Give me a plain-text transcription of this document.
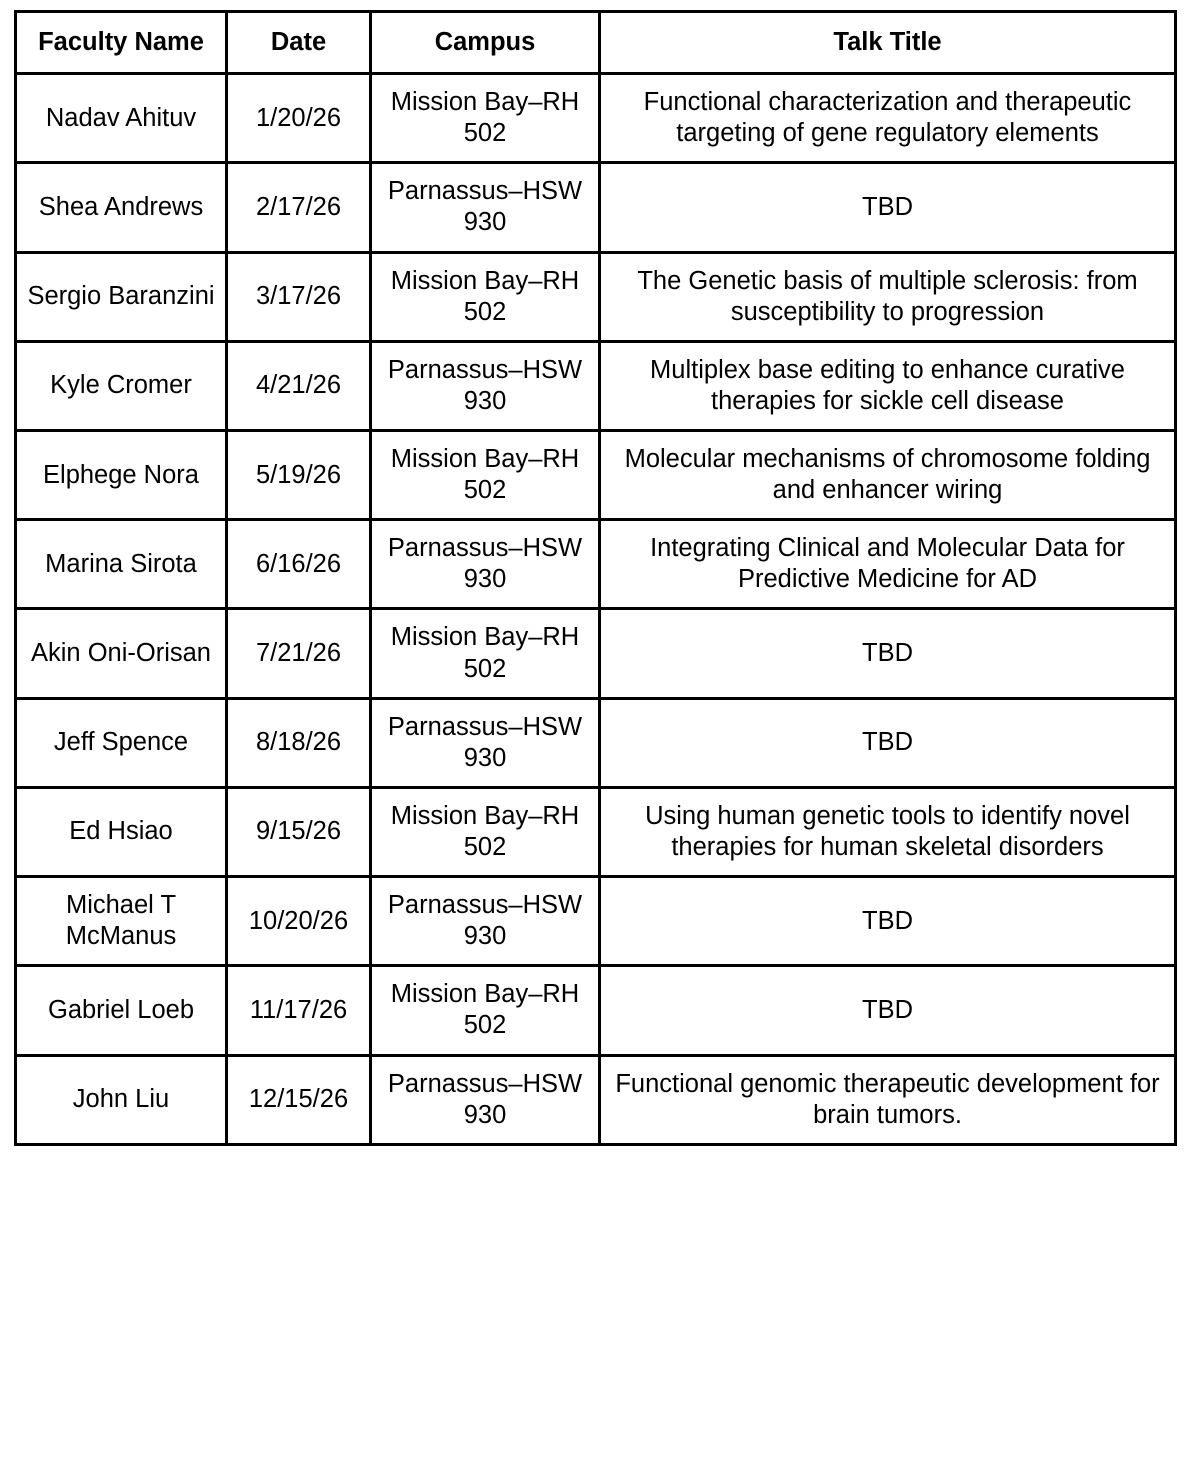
Faculty Name	Date	Campus	Talk Title
Nadav Ahituv	1/20/26	Mission Bay–RH 502	Functional characterization and therapeutic targeting of gene regulatory elements
Shea Andrews	2/17/26	Parnassus–HSW 930	TBD
Sergio Baranzini	3/17/26	Mission Bay–RH 502	The Genetic basis of multiple sclerosis: from susceptibility to progression
Kyle Cromer	4/21/26	Parnassus–HSW 930	Multiplex base editing to enhance curative therapies for sickle cell disease
Elphege Nora	5/19/26	Mission Bay–RH 502	Molecular mechanisms of chromosome folding and enhancer wiring
Marina Sirota	6/16/26	Parnassus–HSW 930	Integrating Clinical and Molecular Data for Predictive Medicine for AD
Akin Oni-Orisan	7/21/26	Mission Bay–RH 502	TBD
Jeff Spence	8/18/26	Parnassus–HSW 930	TBD
Ed Hsiao	9/15/26	Mission Bay–RH 502	Using human genetic tools to identify novel therapies for human skeletal disorders
Michael T McManus	10/20/26	Parnassus–HSW 930	TBD
Gabriel Loeb	11/17/26	Mission Bay–RH 502	TBD
John Liu	12/15/26	Parnassus–HSW 930	Functional genomic therapeutic development for brain tumors.
